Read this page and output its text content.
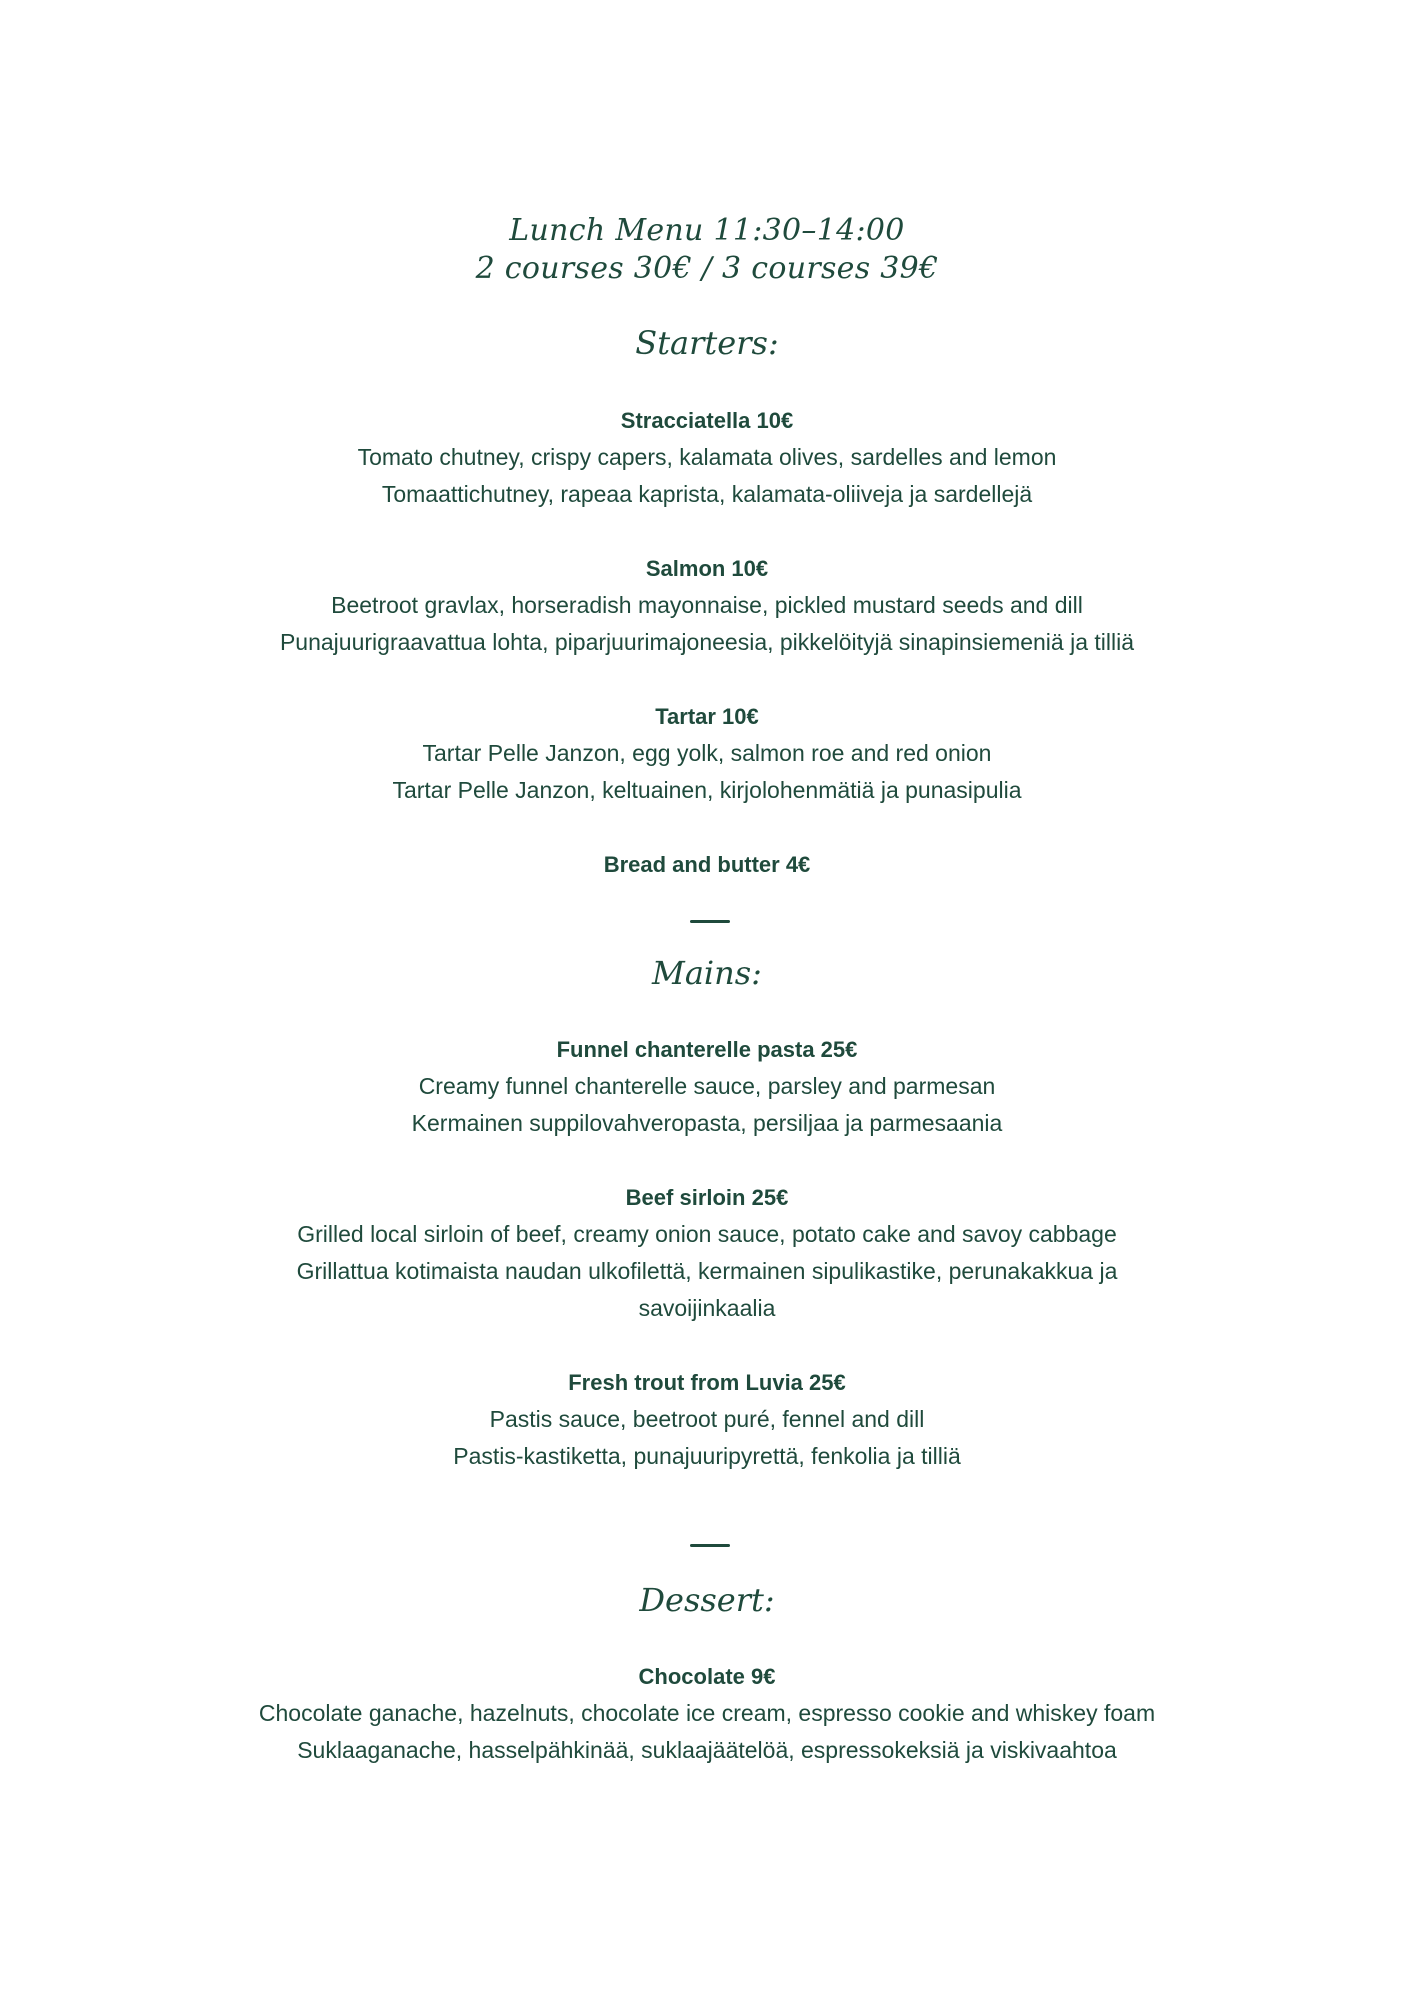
Lunch Menu 11:30–14:00
2 courses 30€ / 3 courses 39€
Starters:
Stracciatella 10€
Tomato chutney, crispy capers, kalamata olives, sardelles and lemon
Tomaattichutney, rapeaa kaprista, kalamata-oliiveja ja sardellejä
Salmon 10€
Beetroot gravlax, horseradish mayonnaise, pickled mustard seeds and dill
Punajuurigraavattua lohta, piparjuurimajoneesia, pikkelöityjä sinapinsiemeniä ja tilliä
Tartar 10€
Tartar Pelle Janzon, egg yolk, salmon roe and red onion
Tartar Pelle Janzon, keltuainen, kirjolohenmätiä ja punasipulia
Bread and butter 4€
Mains:
Funnel chanterelle pasta 25€
Creamy funnel chanterelle sauce, parsley and parmesan
Kermainen suppilovahveropasta, persiljaa ja parmesaania
Beef sirloin 25€
Grilled local sirloin of beef, creamy onion sauce, potato cake and savoy cabbage
Grillattua kotimaista naudan ulkofilettä, kermainen sipulikastike, perunakakkua ja
savoijinkaalia
Fresh trout from Luvia 25€
Pastis sauce, beetroot puré, fennel and dill
Pastis-kastiketta, punajuuripyrettä, fenkolia ja tilliä
Dessert:
Chocolate 9€
Chocolate ganache, hazelnuts, chocolate ice cream, espresso cookie and whiskey foam
Suklaaganache, hasselpähkinää, suklaajäätelöä, espressokeksiä ja viskivaahtoa
